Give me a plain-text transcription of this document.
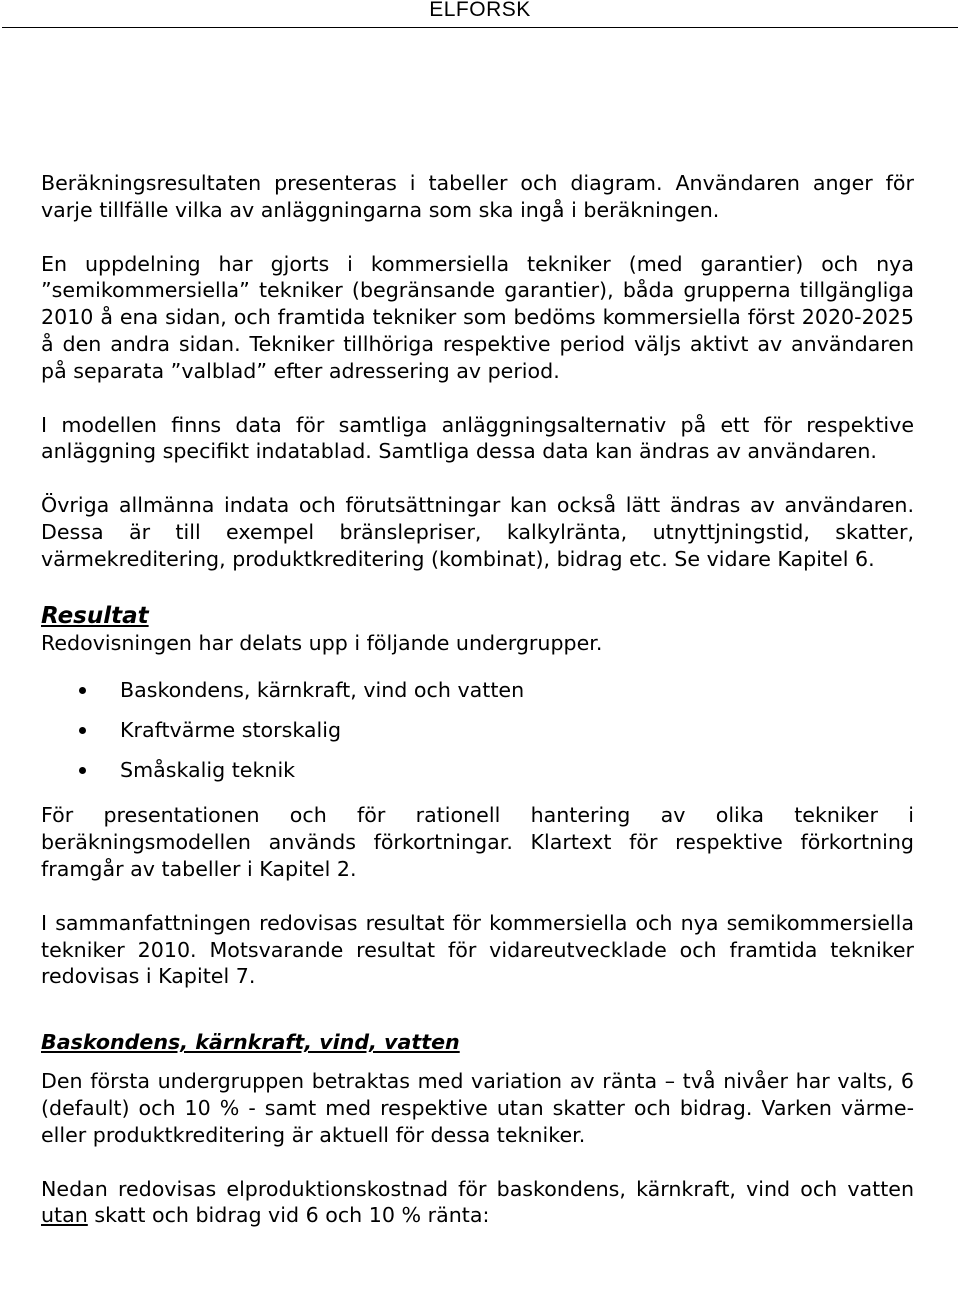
ELFORSK

Beräkningsresultaten presenteras i tabeller och diagram. Användaren anger för varje tillfälle vilka av anläggningarna som ska ingå i beräkningen.

En uppdelning har gjorts i kommersiella tekniker (med garantier) och nya ”semikommersiella” tekniker (begränsande garantier), båda grupperna tillgängliga 2010 å ena sidan, och framtida tekniker som bedöms kommersiella först 2020-2025 å den andra sidan. Tekniker tillhöriga respektive period väljs aktivt av användaren på separata ”valblad” efter adressering av period.

I modellen finns data för samtliga anläggningsalternativ på ett för respektive anläggning specifikt indatablad. Samtliga dessa data kan ändras av användaren.

Övriga allmänna indata och förutsättningar kan också lätt ändras av användaren. Dessa är till exempel bränslepriser, kalkylränta, utnyttjningstid, skatter, värmekreditering, produktkreditering (kombinat), bidrag etc. Se vidare Kapitel 6.

Resultat

Redovisningen har delats upp i följande undergrupper.

Baskondens, kärnkraft, vind och vatten
Kraftvärme storskalig
Småskalig teknik

För presentationen och för rationell hantering av olika tekniker i beräkningsmodellen används förkortningar. Klartext för respektive förkortning framgår av tabeller i Kapitel 2.

I sammanfattningen redovisas resultat för kommersiella och nya semikommersiella tekniker 2010. Motsvarande resultat för vidareutvecklade och framtida tekniker redovisas i Kapitel 7.

Baskondens, kärnkraft, vind, vatten

Den första undergruppen betraktas med variation av ränta – två nivåer har valts, 6 (default) och 10 % - samt med respektive utan skatter och bidrag. Varken värme- eller produktkreditering är aktuell för dessa tekniker.

Nedan redovisas elproduktionskostnad för baskondens, kärnkraft, vind och vatten utan skatt och bidrag vid 6 och 10 % ränta:
